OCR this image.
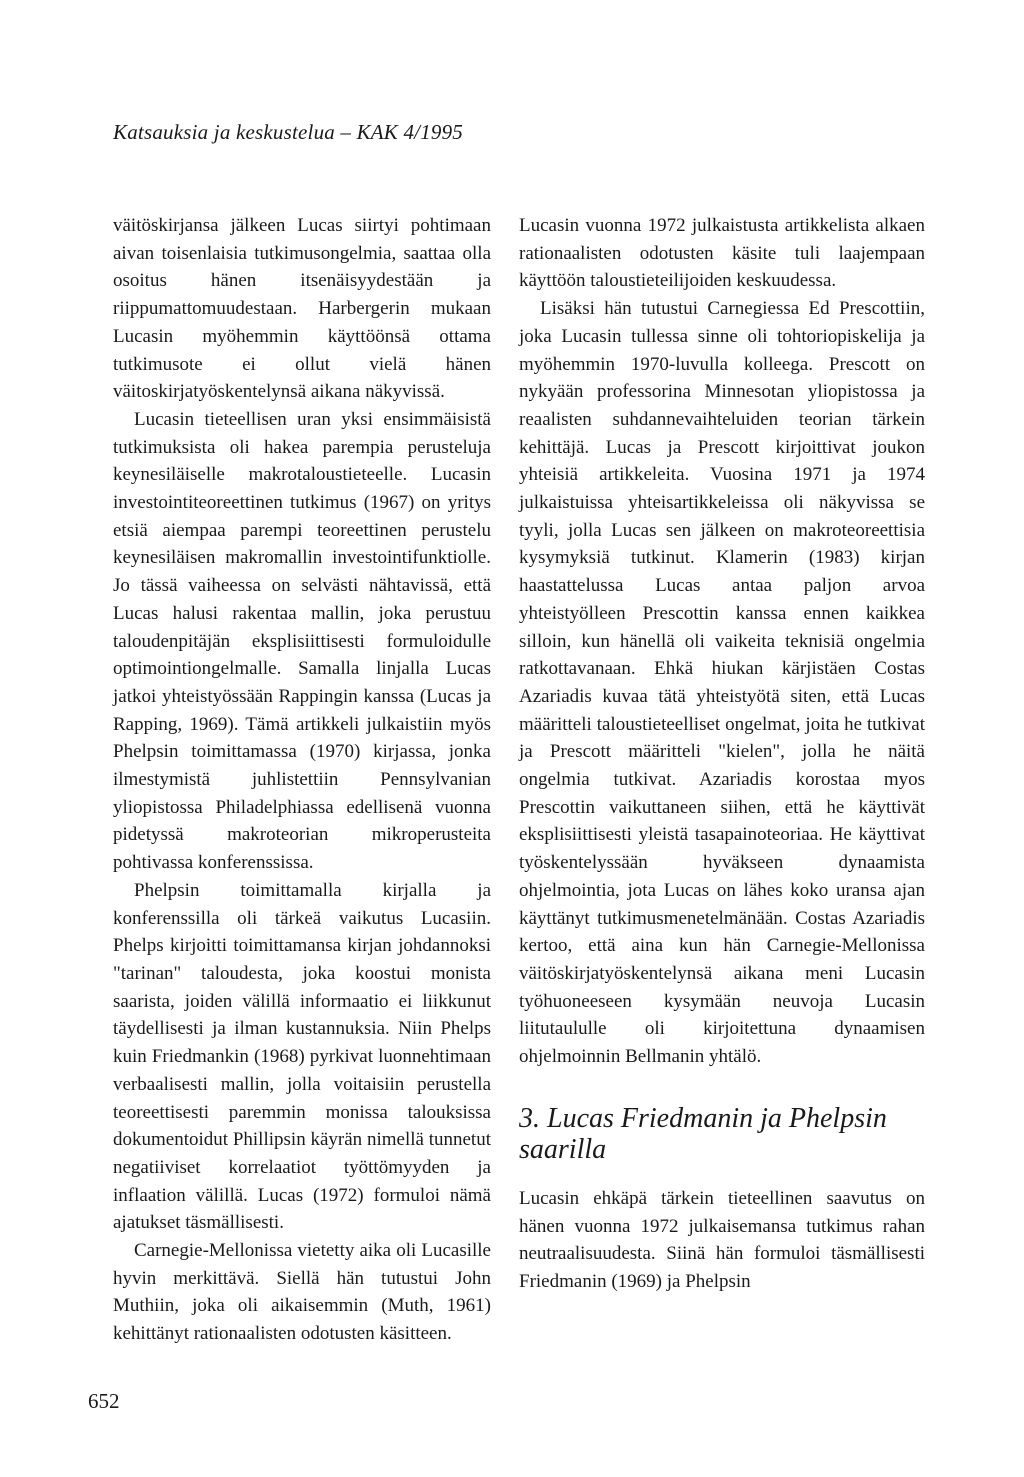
Katsauksia ja keskustelua – KAK 4/1995

väitöskirjansa jälkeen Lucas siirtyi pohtimaan aivan toisenlaisia tutkimusongelmia, saattaa olla osoitus hänen itsenäisyydestään ja riippumattomuudestaan. Harbergerin mukaan Lucasin myöhemmin käyttöönsä ottama tutkimusote ei ollut vielä hänen väitoskirjatyöskentelynsä aikana näkyvissä.

Lucasin tieteellisen uran yksi ensimmäisistä tutkimuksista oli hakea parempia perusteluja keynesiläiselle makrotaloustieteelle. Lucasin investointiteoreettinen tutkimus (1967) on yritys etsiä aiempaa parempi teoreettinen perustelu keynesiläisen makromallin investointifunktiolle. Jo tässä vaiheessa on selvästi nähtavissä, että Lucas halusi rakentaa mallin, joka perustuu taloudenpitäjän eksplisiittisesti formuloidulle optimointiongelmalle. Samalla linjalla Lucas jatkoi yhteistyössään Rappingin kanssa (Lucas ja Rapping, 1969). Tämä artikkeli julkaistiin myös Phelpsin toimittamassa (1970) kirjassa, jonka ilmestymistä juhlistettiin Pennsylvanian yliopistossa Philadelphiassa edellisenä vuonna pidetyssä makroteorian mikroperusteita pohtivassa konferenssissa.

Phelpsin toimittamalla kirjalla ja konferenssilla oli tärkeä vaikutus Lucasiin. Phelps kirjoitti toimittamansa kirjan johdannoksi "tarinan" taloudesta, joka koostui monista saarista, joiden välillä informaatio ei liikkunut täydellisesti ja ilman kustannuksia. Niin Phelps kuin Friedmankin (1968) pyrkivat luonnehtimaan verbaalisesti mallin, jolla voitaisiin perustella teoreettisesti paremmin monissa talouksissa dokumentoidut Phillipsin käyrän nimellä tunnetut negatiiviset korrelaatiot työttömyyden ja inflaation välillä. Lucas (1972) formuloi nämä ajatukset täsmällisesti.

Carnegie-Mellonissa vietetty aika oli Lucasille hyvin merkittävä. Siellä hän tutustui John Muthiin, joka oli aikaisemmin (Muth, 1961) kehittänyt rationaalisten odotusten käsitteen.

Lucasin vuonna 1972 julkaistusta artikkelista alkaen rationaalisten odotusten käsite tuli laajempaan käyttöön taloustieteilijoiden keskuudessa.

Lisäksi hän tutustui Carnegiessa Ed Prescottiin, joka Lucasin tullessa sinne oli tohtoriopiskelija ja myöhemmin 1970-luvulla kolleega. Prescott on nykyään professorina Minnesotan yliopistossa ja reaalisten suhdannevaihteluiden teorian tärkein kehittäjä. Lucas ja Prescott kirjoittivat joukon yhteisiä artikkeleita. Vuosina 1971 ja 1974 julkaistuissa yhteisartikkeleissa oli näkyvissa se tyyli, jolla Lucas sen jälkeen on makroteoreettisia kysymyksiä tutkinut. Klamerin (1983) kirjan haastattelussa Lucas antaa paljon arvoa yhteistyölleen Prescottin kanssa ennen kaikkea silloin, kun hänellä oli vaikeita teknisiä ongelmia ratkottavanaan. Ehkä hiukan kärjistäen Costas Azariadis kuvaa tätä yhteistyötä siten, että Lucas määritteli taloustieteelliset ongelmat, joita he tutkivat ja Prescott määritteli "kielen", jolla he näitä ongelmia tutkivat. Azariadis korostaa myos Prescottin vaikuttaneen siihen, että he käyttivät eksplisiittisesti yleistä tasapainoteoriaa. He käyttivat työskentelyssään hyväkseen dynaamista ohjelmointia, jota Lucas on lähes koko uransa ajan käyttänyt tutkimusmenetelmänään. Costas Azariadis kertoo, että aina kun hän Carnegie-Mellonissa väitöskirjatyöskentelynsä aikana meni Lucasin työhuoneeseen kysymään neuvoja Lucasin liitutaululle oli kirjoitettuna dynaamisen ohjelmoinnin Bellmanin yhtälö.

3. Lucas Friedmanin ja Phelpsin saarilla

Lucasin ehkäpä tärkein tieteellinen saavutus on hänen vuonna 1972 julkaisemansa tutkimus rahan neutraalisuudesta. Siinä hän formuloi täsmällisesti Friedmanin (1969) ja Phelpsin

652
